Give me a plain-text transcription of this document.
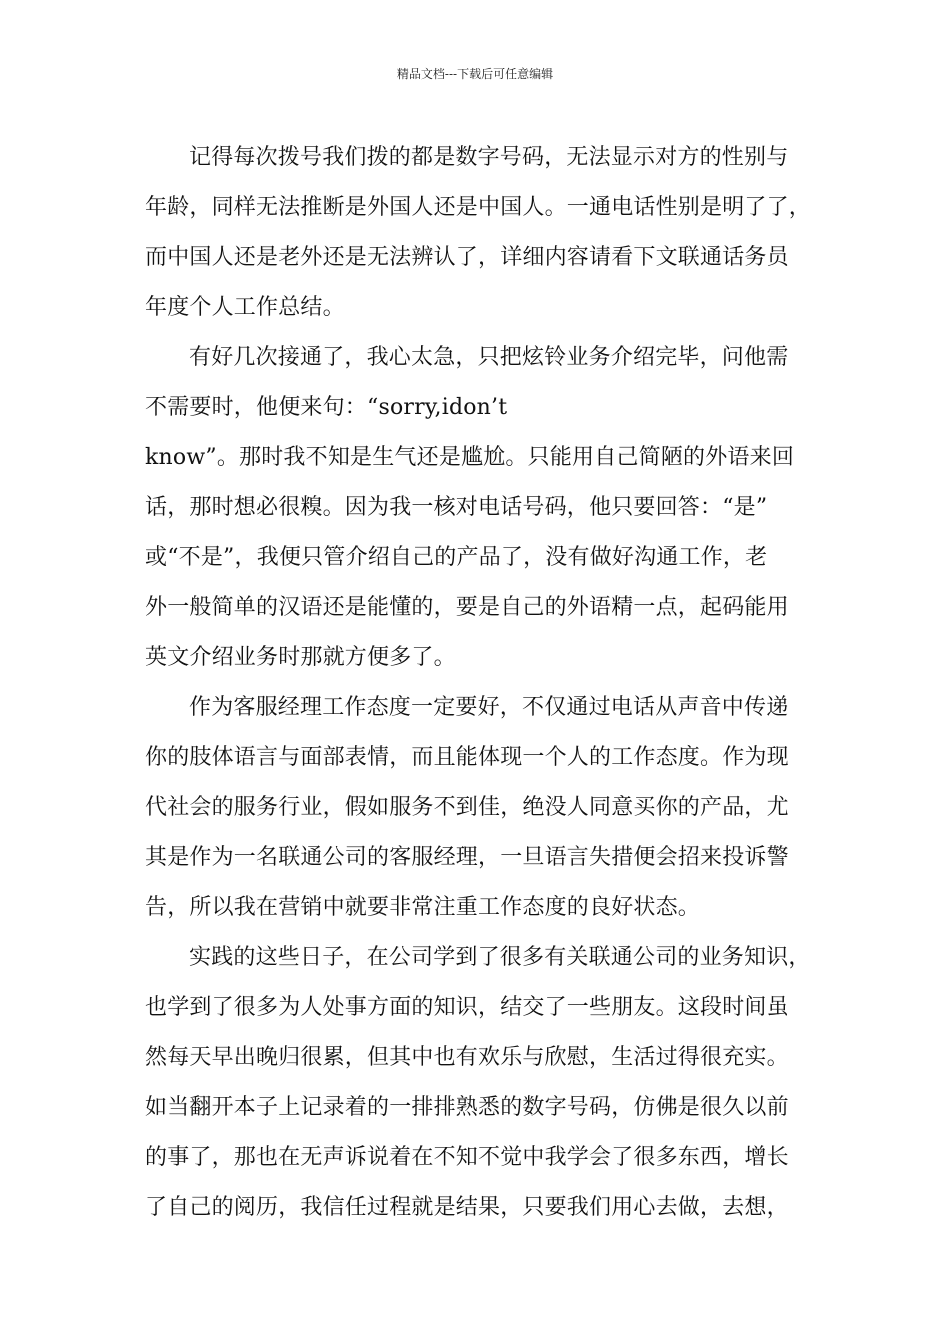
精品文档---下载后可任意编辑
记得每次拨号我们拨的都是数字号码，无法显示对方的性别与
年龄，同样无法推断是外国人还是中国人。一通电话性别是明了了，
而中国人还是老外还是无法辨认了，详细内容请看下文联通话务员
年度个人工作总结。
有好几次接通了，我心太急，只把炫铃业务介绍完毕，问他需
不需要时，他便来句：“sorry,idon’t
know”。那时我不知是生气还是尴尬。只能用自己简陋的外语来回
话，那时想必很糗。因为我一核对电话号码，他只要回答：“是”
或“不是”，我便只管介绍自己的产品了，没有做好沟通工作，老
外一般简单的汉语还是能懂的，要是自己的外语精一点，起码能用
英文介绍业务时那就方便多了。
作为客服经理工作态度一定要好，不仅通过电话从声音中传递
你的肢体语言与面部表情，而且能体现一个人的工作态度。作为现
代社会的服务行业，假如服务不到佳，绝没人同意买你的产品，尤
其是作为一名联通公司的客服经理，一旦语言失措便会招来投诉警
告，所以我在营销中就要非常注重工作态度的良好状态。
实践的这些日子，在公司学到了很多有关联通公司的业务知识，
也学到了很多为人处事方面的知识，结交了一些朋友。这段时间虽
然每天早出晚归很累，但其中也有欢乐与欣慰，生活过得很充实。
如当翻开本子上记录着的一排排熟悉的数字号码，仿佛是很久以前
的事了，那也在无声诉说着在不知不觉中我学会了很多东西，增长
了自己的阅历，我信任过程就是结果，只要我们用心去做，去想，
